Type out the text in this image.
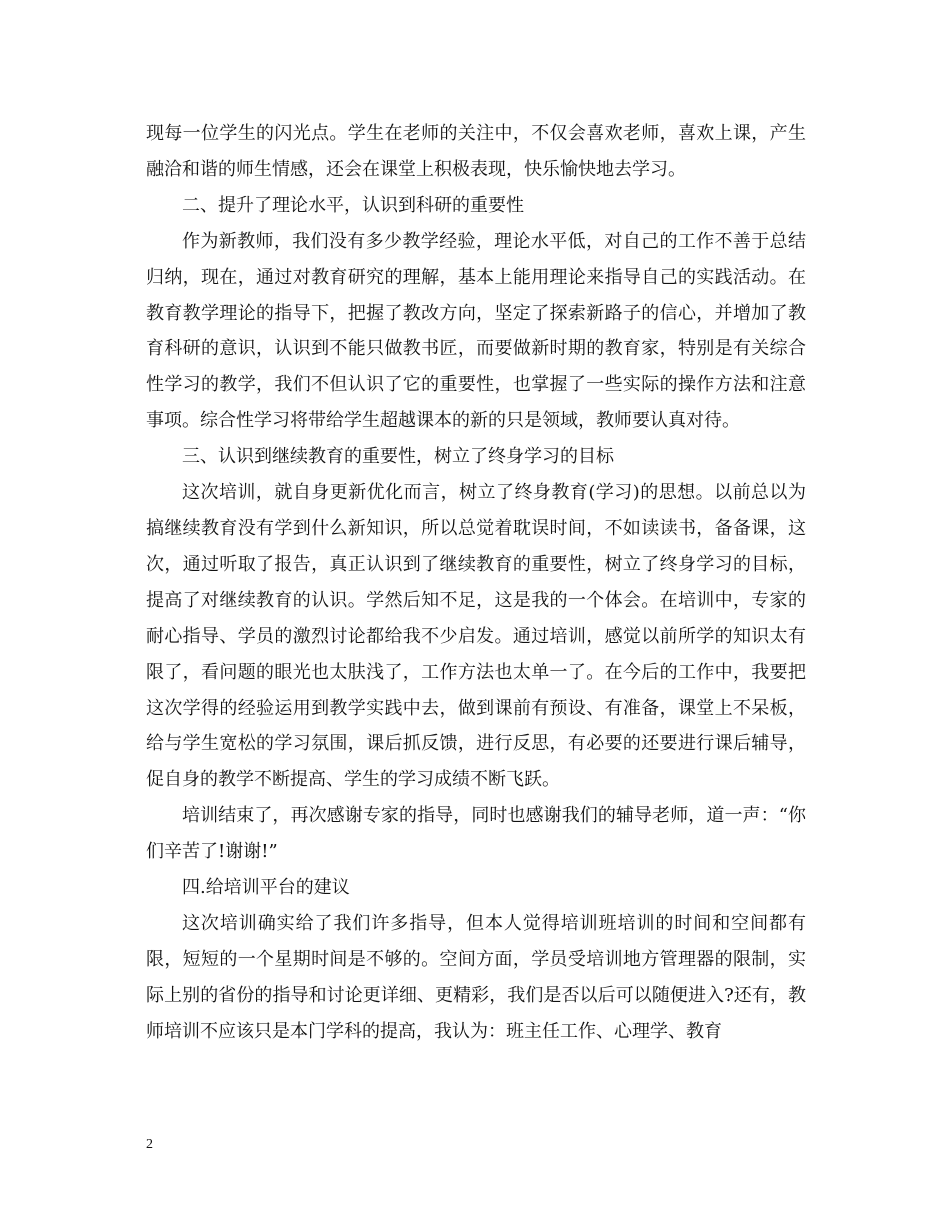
现每一位学生的闪光点。学生在老师的关注中，不仅会喜欢老师，喜欢上课，产生融洽和谐的师生情感，还会在课堂上积极表现，快乐愉快地去学习。

二、提升了理论水平，认识到科研的重要性

作为新教师，我们没有多少教学经验，理论水平低，对自己的工作不善于总结归纳，现在，通过对教育研究的理解，基本上能用理论来指导自己的实践活动。在教育教学理论的指导下，把握了教改方向，坚定了探索新路子的信心，并增加了教育科研的意识，认识到不能只做教书匠，而要做新时期的教育家，特别是有关综合性学习的教学，我们不但认识了它的重要性，也掌握了一些实际的操作方法和注意事项。综合性学习将带给学生超越课本的新的只是领域，教师要认真对待。

三、认识到继续教育的重要性，树立了终身学习的目标

这次培训，就自身更新优化而言，树立了终身教育(学习)的思想。以前总以为搞继续教育没有学到什么新知识，所以总觉着耽误时间，不如读读书，备备课，这次，通过听取了报告，真正认识到了继续教育的重要性，树立了终身学习的目标，提高了对继续教育的认识。学然后知不足，这是我的一个体会。在培训中，专家的耐心指导、学员的激烈讨论都给我不少启发。通过培训，感觉以前所学的知识太有限了，看问题的眼光也太肤浅了，工作方法也太单一了。在今后的工作中，我要把这次学得的经验运用到教学实践中去，做到课前有预设、有准备，课堂上不呆板，给与学生宽松的学习氛围，课后抓反馈，进行反思，有必要的还要进行课后辅导，促自身的教学不断提高、学生的学习成绩不断飞跃。

培训结束了，再次感谢专家的指导，同时也感谢我们的辅导老师，道一声：“你们辛苦了!谢谢!”

四.给培训平台的建议

这次培训确实给了我们许多指导，但本人觉得培训班培训的时间和空间都有限，短短的一个星期时间是不够的。空间方面，学员受培训地方管理器的限制，实际上别的省份的指导和讨论更详细、更精彩，我们是否以后可以随便进入?还有，教师培训不应该只是本门学科的提高，我认为：班主任工作、心理学、教育

2
